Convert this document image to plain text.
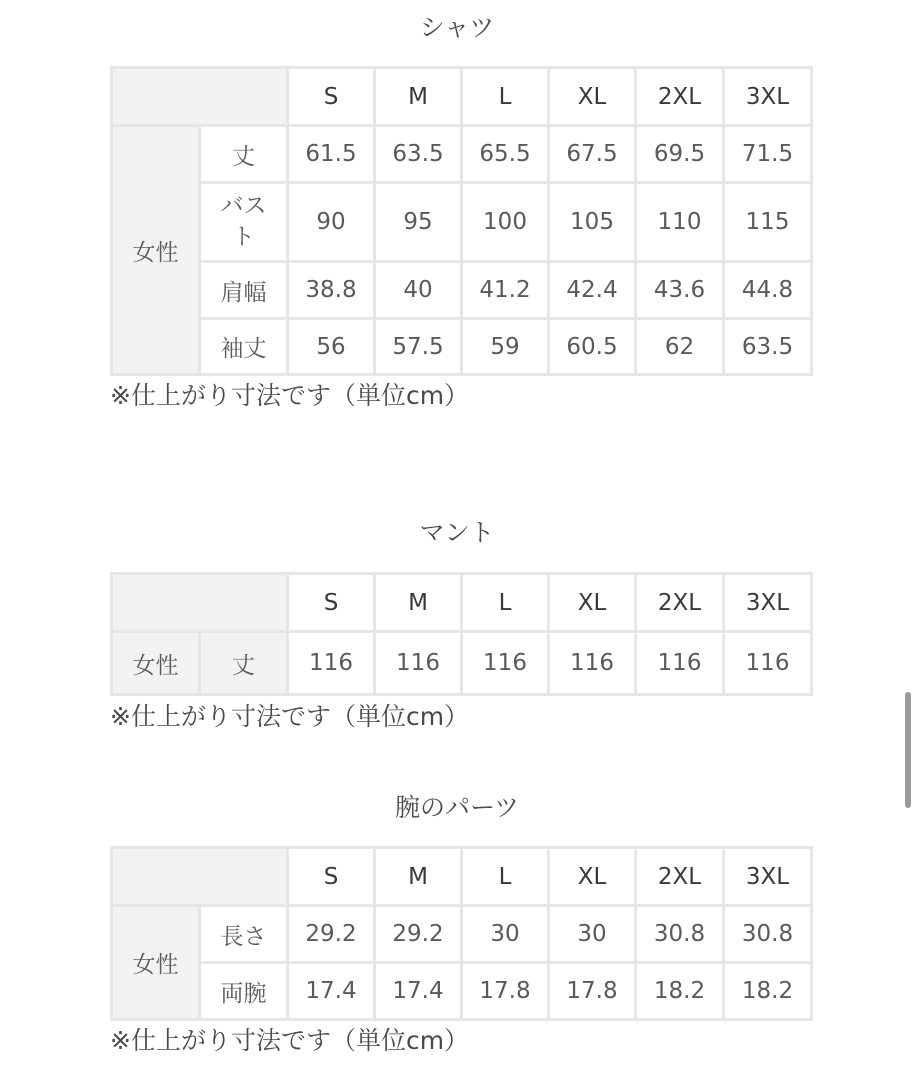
シャツ
		S	M	L	XL	2XL	3XL
女性	丈	61.5	63.5	65.5	67.5	69.5	71.5
	バスト	90	95	100	105	110	115
	肩幅	38.8	40	41.2	42.4	43.6	44.8
	袖丈	56	57.5	59	60.5	62	63.5
※仕上がり寸法です（単位cm）
マント
		S	M	L	XL	2XL	3XL
女性	丈	116	116	116	116	116	116
※仕上がり寸法です（単位cm）
腕のパーツ
		S	M	L	XL	2XL	3XL
女性	長さ	29.2	29.2	30	30	30.8	30.8
	両腕	17.4	17.4	17.8	17.8	18.2	18.2
※仕上がり寸法です（単位cm）
